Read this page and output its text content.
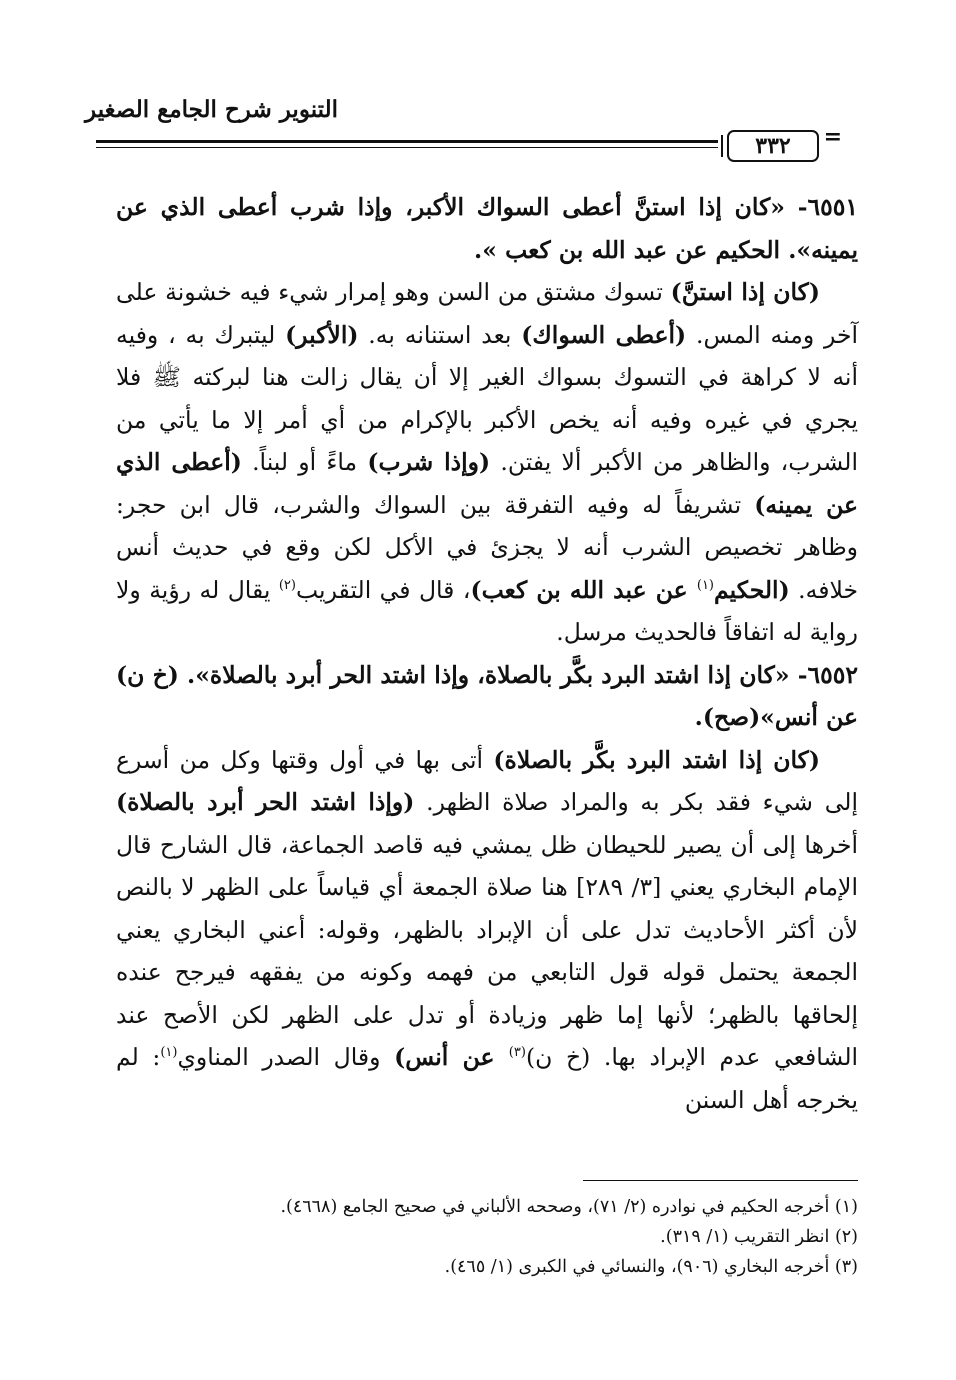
التنوير شرح الجامع الصغير
٣٣٢	=

٦٥٥١- «كان إذا استنَّ أعطى السواك الأكبر، وإذا شرب أعطى الذي عن يمينه». الحكيم عن عبد الله بن كعب ».

(كان إذا استنَّ) تسوك مشتق من السن وهو إمرار شيء فيه خشونة على آخر ومنه المس. (أعطى السواك) بعد استنانه به. (الأكبر) ليتبرك به ، وفيه أنه لا كراهة في التسوك بسواك الغير إلا أن يقال زالت هنا لبركته ﷺ فلا يجري في غيره وفيه أنه يخص الأكبر بالإكرام من أي أمر إلا ما يأتي من الشرب، والظاهر من الأكبر ألا يفتن. (وإذا شرب) ماءً أو لبناً. (أعطى الذي عن يمينه) تشريفاً له وفيه التفرقة بين السواك والشرب، قال ابن حجر: وظاهر تخصيص الشرب أنه لا يجزئ في الأكل لكن وقع في حديث أنس خلافه. (الحكيم$^{(١)}$ عن عبد الله بن كعب)، قال في التقريب$^{(٢)}$ يقال له رؤية ولا رواية له اتفاقاً فالحديث مرسل.

٦٥٥٢- «كان إذا اشتد البرد بكَّر بالصلاة، وإذا اشتد الحر أبرد بالصلاة». (خ ن) عن أنس»(صح).

(كان إذا اشتد البرد بكَّر بالصلاة) أتى بها في أول وقتها وكل من أسرع إلى شيء فقد بكر به والمراد صلاة الظهر. (وإذا اشتد الحر أبرد بالصلاة) أخرها إلى أن يصير للحيطان ظل يمشي فيه قاصد الجماعة، قال الشارح قال الإمام البخاري يعني [٣/ ٢٨٩] هنا صلاة الجمعة أي قياساً على الظهر لا بالنص لأن أكثر الأحاديث تدل على أن الإبراد بالظهر، وقوله: أعني البخاري يعني الجمعة يحتمل قوله قول التابعي من فهمه وكونه من يفقهه فيرجح عنده إلحاقها بالظهر؛ لأنها إما ظهر وزيادة أو تدل على الظهر لكن الأصح عند الشافعي عدم الإبراد بها. (خ ن)$^{(٣)}$ عن أنس) وقال الصدر المناوي$^{(١)}$: لم يخرجه أهل السنن

(١) أخرجه الحكيم في نوادره (٢/ ٧١)، وصححه الألباني في صحيح الجامع (٤٦٦٨).
(٢) انظر التقريب (١/ ٣١٩).
(٣) أخرجه البخاري (٩٠٦)، والنسائي في الكبرى (١/ ٤٦٥).
